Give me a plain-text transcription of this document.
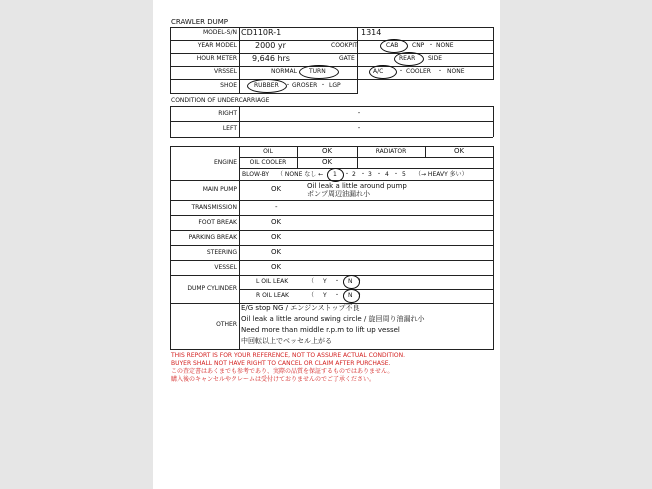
CRAWLER DUMP
MODEL-S/N CD110R-1	1314
YEAR MODEL 2000 yr	COOKPIT	CAB ・ CNP ・ NONE
HOUR METER 9,646 hrs	GATE	REAR SIDE
VRSSEL	NORMAL TURN	A/C ・ COOLER ・ NONE
SHOE	RUBBER ・ GROSER ・ LGP
CONDITION OF UNDERCARRIAGE
RIGHT	-
LEFT	-
ENGINE
OIL	OK	RADIATOR	OK
OIL COOLER	OK
BLOW-BY （ NONE なし ← 1 ・ 2 ・ 3 ・ 4 ・ 5 （→ HEAVY 多い）
MAIN PUMP	OK	Oil leak a little around pump
ポンプ周辺油漏れ小
TRANSMISSION	-
FOOT BREAK	OK
PARKING BREAK	OK
STEERING	OK
VESSEL	OK
DUMP CYLINDER
L OIL LEAK	（ Y ・ N ）
R OIL LEAK	（ Y ・ N ）
OTHER
E/G stop NG / エンジンストップ不良
Oil leak a little around swing circle / 旋回周り油漏れ小
Need more than middle r.p.m to lift up vessel
中回転以上でベッセル上がる
THIS REPORT IS FOR YOUR REFERENCE, NOT TO ASSURE ACTUAL CONDITION.
BUYER SHALL NOT HAVE RIGHT TO CANCEL OR CLAIM AFTER PURCHASE.
この査定書はあくまでも参考であり、実際の品質を保証するものではありません。
購入後のキャンセルやクレームは受付けておりませんのでご了承ください。
